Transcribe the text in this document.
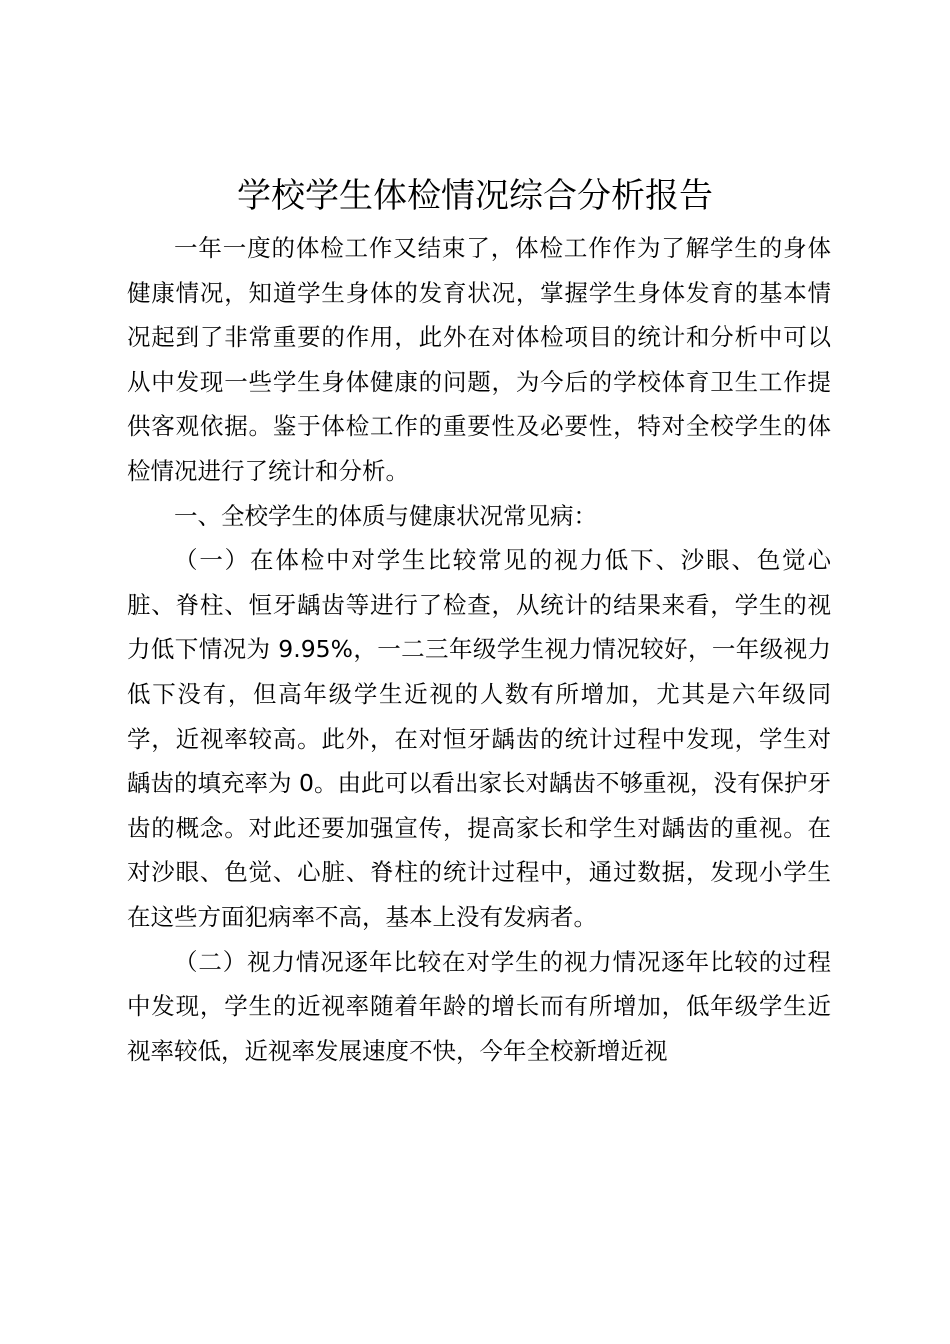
学校学生体检情况综合分析报告

一年一度的体检工作又结束了，体检工作作为了解学生的身体健康情况，知道学生身体的发育状况，掌握学生身体发育的基本情况起到了非常重要的作用，此外在对体检项目的统计和分析中可以从中发现一些学生身体健康的问题，为今后的学校体育卫生工作提供客观依据。鉴于体检工作的重要性及必要性，特对全校学生的体检情况进行了统计和分析。

一、全校学生的体质与健康状况常见病：

（一）在体检中对学生比较常见的视力低下、沙眼、色觉心脏、脊柱、恒牙龋齿等进行了检查，从统计的结果来看，学生的视力低下情况为 9.95%，一二三年级学生视力情况较好，一年级视力低下没有，但高年级学生近视的人数有所增加，尤其是六年级同学，近视率较高。此外，在对恒牙龋齿的统计过程中发现，学生对龋齿的填充率为 0。由此可以看出家长对龋齿不够重视，没有保护牙齿的概念。对此还要加强宣传，提高家长和学生对龋齿的重视。在对沙眼、色觉、心脏、脊柱的统计过程中，通过数据，发现小学生在这些方面犯病率不高，基本上没有发病者。

（二）视力情况逐年比较在对学生的视力情况逐年比较的过程中发现，学生的近视率随着年龄的增长而有所增加，低年级学生近视率较低，近视率发展速度不快，今年全校新增近视
